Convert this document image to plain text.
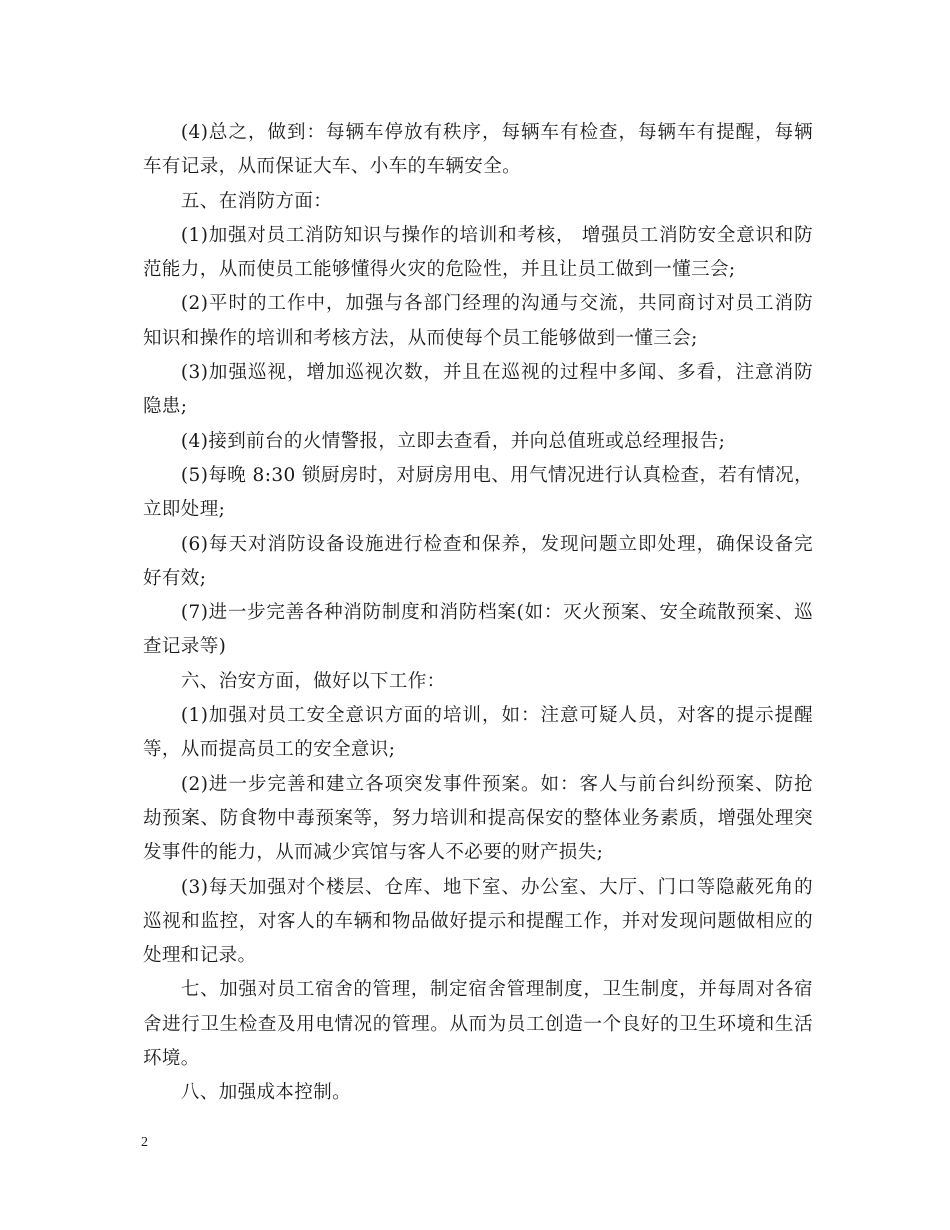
(4)总之，做到：每辆车停放有秩序，每辆车有检查，每辆车有提醒，每辆车有记录，从而保证大车、小车的车辆安全。

五、在消防方面：

(1)加强对员工消防知识与操作的培训和考核， 增强员工消防安全意识和防范能力，从而使员工能够懂得火灾的危险性，并且让员工做到一懂三会;

(2)平时的工作中，加强与各部门经理的沟通与交流，共同商讨对员工消防知识和操作的培训和考核方法，从而使每个员工能够做到一懂三会;

(3)加强巡视，增加巡视次数，并且在巡视的过程中多闻、多看，注意消防隐患;

(4)接到前台的火情警报，立即去查看，并向总值班或总经理报告;

(5)每晚 8:30 锁厨房时，对厨房用电、用气情况进行认真检查，若有情况，立即处理;

(6)每天对消防设备设施进行检查和保养，发现问题立即处理，确保设备完好有效;

(7)进一步完善各种消防制度和消防档案(如：灭火预案、安全疏散预案、巡查记录等)

六、治安方面，做好以下工作：

(1)加强对员工安全意识方面的培训，如：注意可疑人员，对客的提示提醒等，从而提高员工的安全意识;

(2)进一步完善和建立各项突发事件预案。如：客人与前台纠纷预案、防抢劫预案、防食物中毒预案等，努力培训和提高保安的整体业务素质，增强处理突发事件的能力，从而减少宾馆与客人不必要的财产损失;

(3)每天加强对个楼层、仓库、地下室、办公室、大厅、门口等隐蔽死角的巡视和监控，对客人的车辆和物品做好提示和提醒工作，并对发现问题做相应的处理和记录。

七、加强对员工宿舍的管理，制定宿舍管理制度，卫生制度，并每周对各宿舍进行卫生检查及用电情况的管理。从而为员工创造一个良好的卫生环境和生活环境。

八、加强成本控制。

2
